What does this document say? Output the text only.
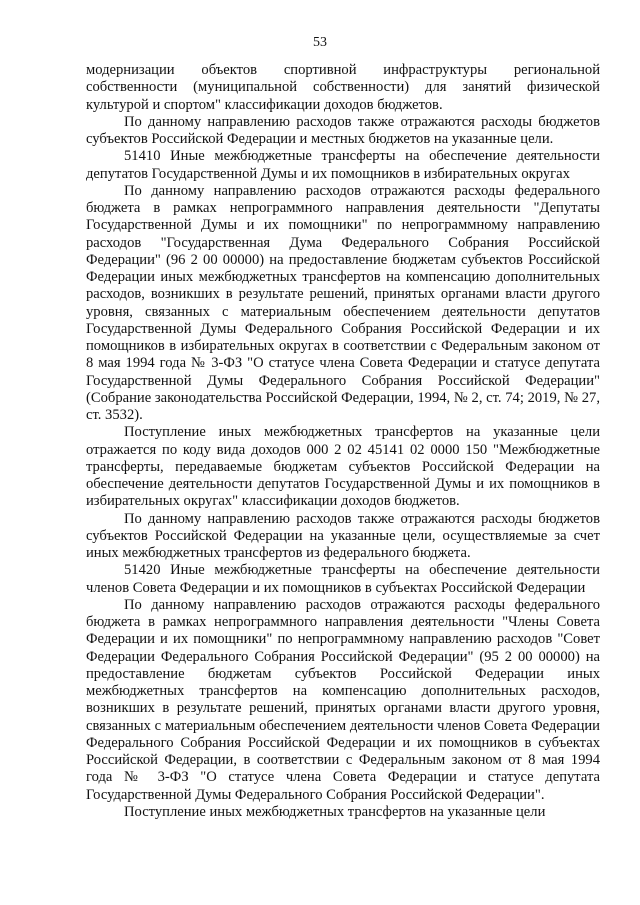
53

модернизации объектов спортивной инфраструктуры региональной собственности (муниципальной собственности) для занятий физической культурой и спортом" классификации доходов бюджетов.

По данному направлению расходов также отражаются расходы бюджетов субъектов Российской Федерации и местных бюджетов на указанные цели.

51410 Иные межбюджетные трансферты на обеспечение деятельности депутатов Государственной Думы и их помощников в избирательных округах

По данному направлению расходов отражаются расходы федерального бюджета в рамках непрограммного направления деятельности "Депутаты Государственной Думы и их помощники" по непрограммному направлению расходов "Государственная Дума Федерального Собрания Российской Федерации" (96 2 00 00000) на предоставление бюджетам субъектов Российской Федерации иных межбюджетных трансфертов на компенсацию дополнительных расходов, возникших в результате решений, принятых органами власти другого уровня, связанных с материальным обеспечением деятельности депутатов Государственной Думы Федерального Собрания Российской Федерации и их помощников в избирательных округах в соответствии с Федеральным законом от 8 мая 1994 года № 3-ФЗ "О статусе члена Совета Федерации и статусе депутата Государственной Думы Федерального Собрания Российской Федерации" (Собрание законодательства Российской Федерации, 1994, № 2, ст. 74; 2019, № 27, ст. 3532).

Поступление иных межбюджетных трансфертов на указанные цели отражается по коду вида доходов 000 2 02 45141 02 0000 150 "Межбюджетные трансферты, передаваемые бюджетам субъектов Российской Федерации на обеспечение деятельности депутатов Государственной Думы и их помощников в избирательных округах" классификации доходов бюджетов.

По данному направлению расходов также отражаются расходы бюджетов субъектов Российской Федерации на указанные цели, осуществляемые за счет иных межбюджетных трансфертов из федерального бюджета.

51420 Иные межбюджетные трансферты на обеспечение деятельности членов Совета Федерации и их помощников в субъектах Российской Федерации

По данному направлению расходов отражаются расходы федерального бюджета в рамках непрограммного направления деятельности "Члены Совета Федерации и их помощники" по непрограммному направлению расходов "Совет Федерации Федерального Собрания Российской Федерации" (95 2 00 00000) на предоставление бюджетам субъектов Российской Федерации иных межбюджетных трансфертов на компенсацию дополнительных расходов, возникших в результате решений, принятых органами власти другого уровня, связанных с материальным обеспечением деятельности членов Совета Федерации Федерального Собрания Российской Федерации и их помощников в субъектах Российской Федерации, в соответствии с Федеральным законом от 8 мая 1994 года № 3-ФЗ "О статусе члена Совета Федерации и статусе депутата Государственной Думы Федерального Собрания Российской Федерации".

Поступление иных межбюджетных трансфертов на указанные цели
